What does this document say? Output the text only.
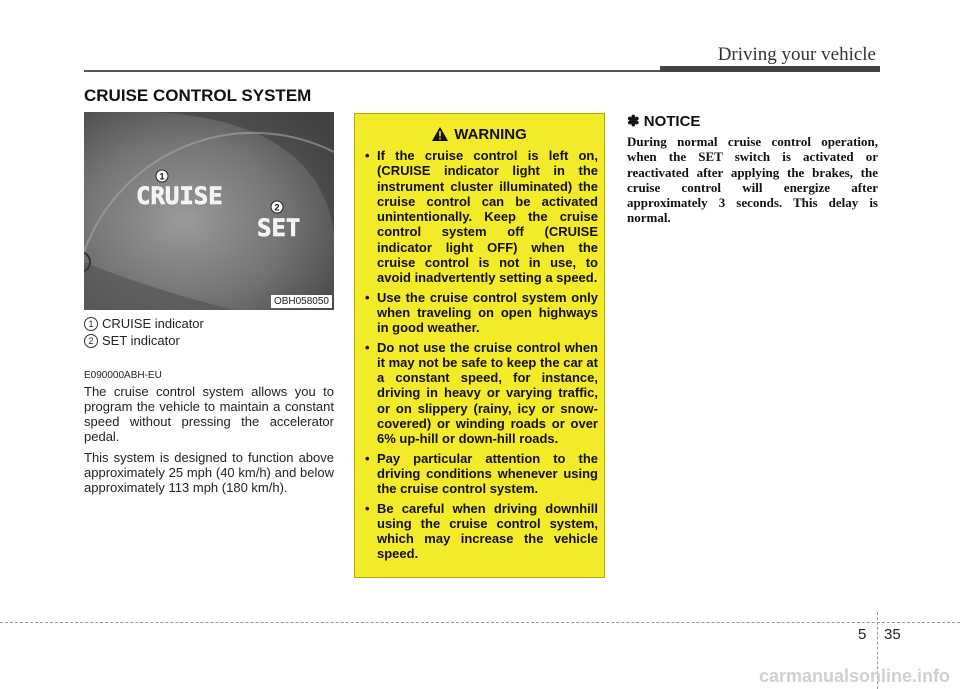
Driving your vehicle
CRUISE CONTROL SYSTEM
1
CRUISE	2
SET
OBH058050
1 CRUISE indicator
2 SET indicator
E090000ABH-EU

The cruise control system allows you to program the vehicle to maintain a constant speed without pressing the accelerator pedal.

This system is designed to function above approximately 25 mph (40 km/h) and below approximately 113 mph (180 km/h).

WARNING
• If the cruise control is left on, (CRUISE indicator light in the instrument cluster illuminated) the cruise control can be activated unintentionally. Keep the cruise control system off (CRUISE indicator light OFF) when the cruise control is not in use, to avoid inadvertently setting a speed.
• Use the cruise control system only when traveling on open highways in good weather.
• Do not use the cruise control when it may not be safe to keep the car at a constant speed, for instance, driving in heavy or varying traffic, or on slippery (rainy, icy or snow-covered) or winding roads or over 6% up-hill or down-hill roads.
• Pay particular attention to the driving conditions whenever using the cruise control system.
• Be careful when driving downhill using the cruise control system, which may increase the vehicle speed.
✽ NOTICE

During normal cruise control operation, when the SET switch is activated or reactivated after applying the brakes, the cruise control will energize after approximately 3 seconds. This delay is normal.

5 35
carmanualsonline.info
